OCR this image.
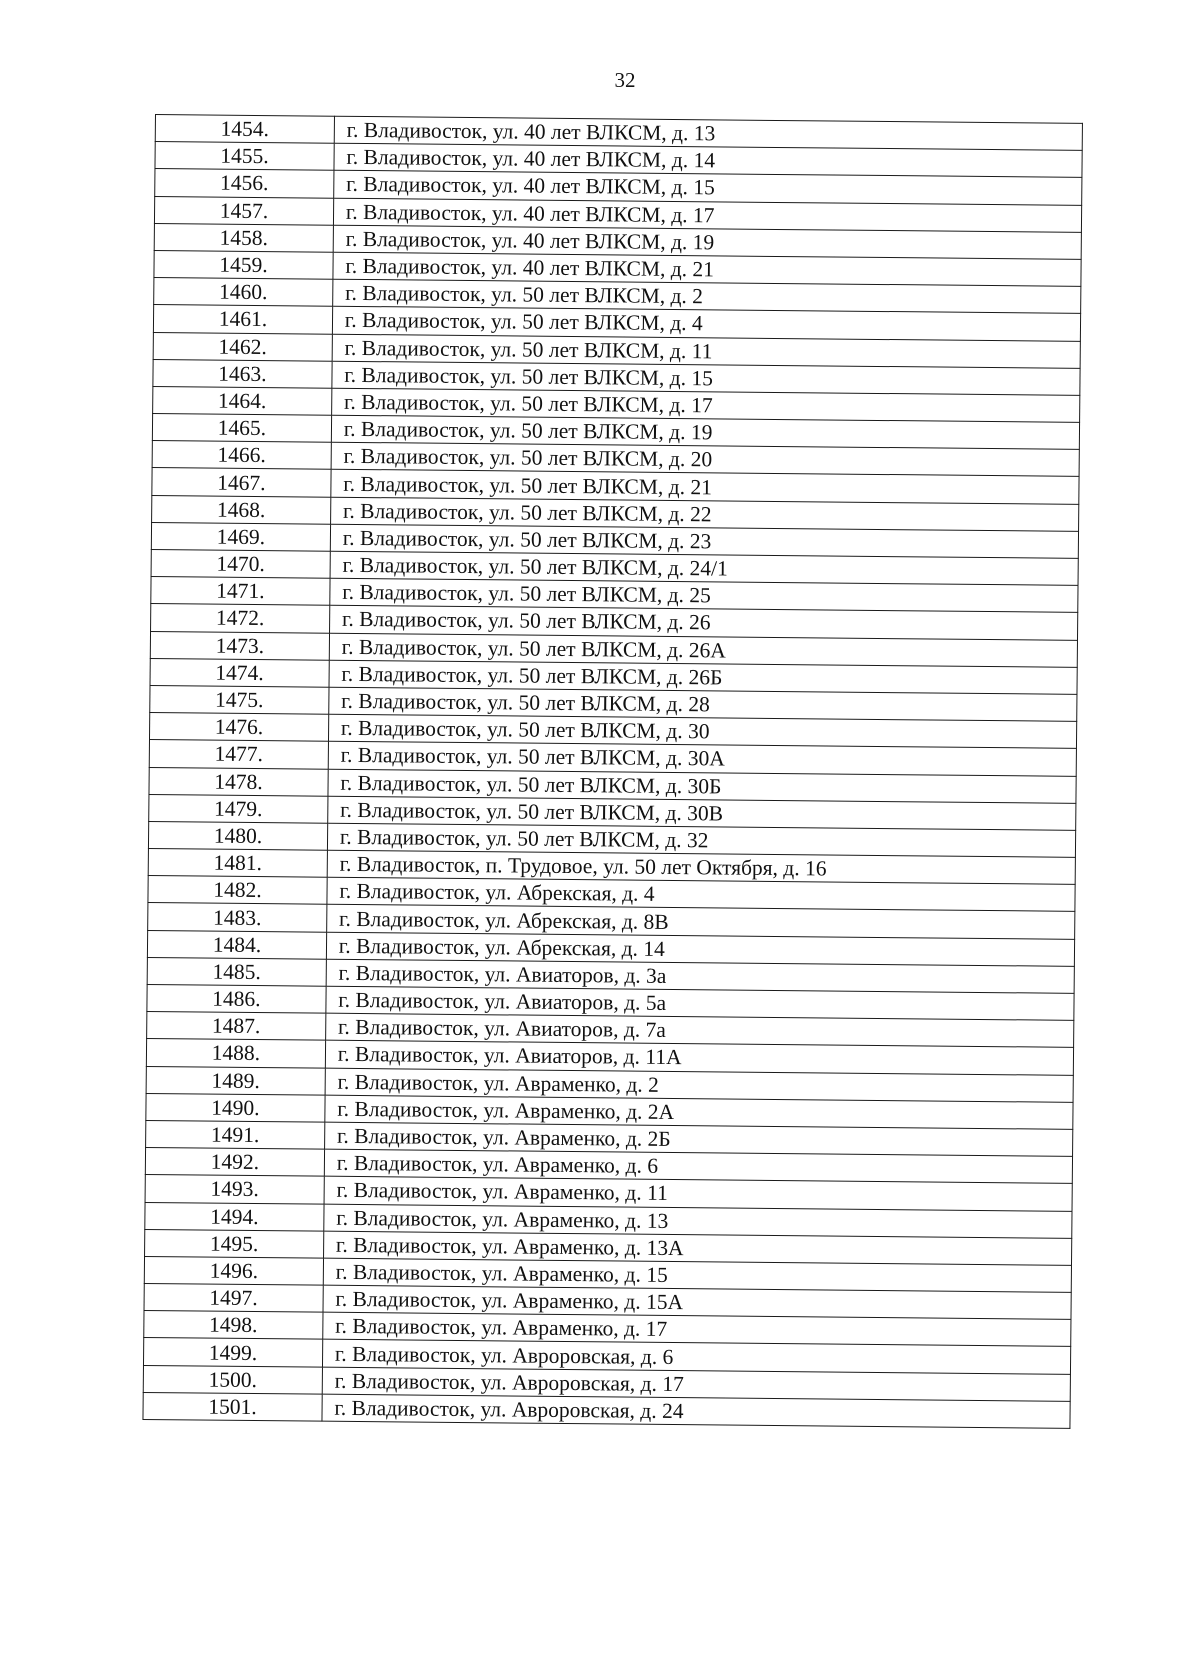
32
1454.	г. Владивосток, ул. 40 лет ВЛКСМ, д. 13
1455.	г. Владивосток, ул. 40 лет ВЛКСМ, д. 14
1456.	г. Владивосток, ул. 40 лет ВЛКСМ, д. 15
1457.	г. Владивосток, ул. 40 лет ВЛКСМ, д. 17
1458.	г. Владивосток, ул. 40 лет ВЛКСМ, д. 19
1459.	г. Владивосток, ул. 40 лет ВЛКСМ, д. 21
1460.	г. Владивосток, ул. 50 лет ВЛКСМ, д. 2
1461.	г. Владивосток, ул. 50 лет ВЛКСМ, д. 4
1462.	г. Владивосток, ул. 50 лет ВЛКСМ, д. 11
1463.	г. Владивосток, ул. 50 лет ВЛКСМ, д. 15
1464.	г. Владивосток, ул. 50 лет ВЛКСМ, д. 17
1465.	г. Владивосток, ул. 50 лет ВЛКСМ, д. 19
1466.	г. Владивосток, ул. 50 лет ВЛКСМ, д. 20
1467.	г. Владивосток, ул. 50 лет ВЛКСМ, д. 21
1468.	г. Владивосток, ул. 50 лет ВЛКСМ, д. 22
1469.	г. Владивосток, ул. 50 лет ВЛКСМ, д. 23
1470.	г. Владивосток, ул. 50 лет ВЛКСМ, д. 24/1
1471.	г. Владивосток, ул. 50 лет ВЛКСМ, д. 25
1472.	г. Владивосток, ул. 50 лет ВЛКСМ, д. 26
1473.	г. Владивосток, ул. 50 лет ВЛКСМ, д. 26А
1474.	г. Владивосток, ул. 50 лет ВЛКСМ, д. 26Б
1475.	г. Владивосток, ул. 50 лет ВЛКСМ, д. 28
1476.	г. Владивосток, ул. 50 лет ВЛКСМ, д. 30
1477.	г. Владивосток, ул. 50 лет ВЛКСМ, д. 30А
1478.	г. Владивосток, ул. 50 лет ВЛКСМ, д. 30Б
1479.	г. Владивосток, ул. 50 лет ВЛКСМ, д. 30В
1480.	г. Владивосток, ул. 50 лет ВЛКСМ, д. 32
1481.	г. Владивосток, п. Трудовое, ул. 50 лет Октября, д. 16
1482.	г. Владивосток, ул. Абрекская, д. 4
1483.	г. Владивосток, ул. Абрекская, д. 8В
1484.	г. Владивосток, ул. Абрекская, д. 14
1485.	г. Владивосток, ул. Авиаторов, д. 3а
1486.	г. Владивосток, ул. Авиаторов, д. 5а
1487.	г. Владивосток, ул. Авиаторов, д. 7а
1488.	г. Владивосток, ул. Авиаторов, д. 11А
1489.	г. Владивосток, ул. Авраменко, д. 2
1490.	г. Владивосток, ул. Авраменко, д. 2А
1491.	г. Владивосток, ул. Авраменко, д. 2Б
1492.	г. Владивосток, ул. Авраменко, д. 6
1493.	г. Владивосток, ул. Авраменко, д. 11
1494.	г. Владивосток, ул. Авраменко, д. 13
1495.	г. Владивосток, ул. Авраменко, д. 13А
1496.	г. Владивосток, ул. Авраменко, д. 15
1497.	г. Владивосток, ул. Авраменко, д. 15А
1498.	г. Владивосток, ул. Авраменко, д. 17
1499.	г. Владивосток, ул. Авроровская, д. 6
1500.	г. Владивосток, ул. Авроровская, д. 17
1501.	г. Владивосток, ул. Авроровская, д. 24
